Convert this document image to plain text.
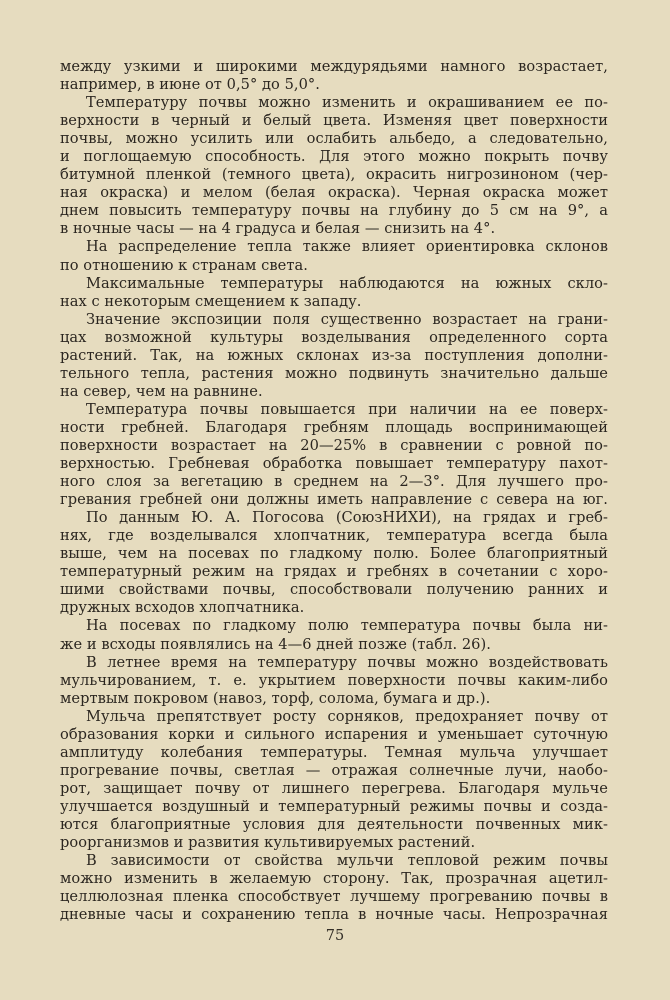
между узкими и широкими междурядьями намного возрастает,
например, в июне от 0,5° до 5,0°.
Температуру почвы можно изменить и окрашиванием ее по-
верхности в черный и белый цвета. Изменяя цвет поверхности
почвы, можно усилить или ослабить альбедо, а следовательно,
и поглощаемую способность. Для этого можно покрыть почву
битумной пленкой (темного цвета), окрасить нигрозиноном (чер-
ная окраска) и мелом (белая окраска). Черная окраска может
днем повысить температуру почвы на глубину до 5 см на 9°, а
в ночные часы — на 4 градуса и белая — снизить на 4°.
На распределение тепла также влияет ориентировка склонов
по отношению к странам света.
Максимальные температуры наблюдаются на южных скло-
нах с некоторым смещением к западу.
Значение экспозиции поля существенно возрастает на грани-
цах возможной культуры возделывания определенного сорта
растений. Так, на южных склонах из-за поступления дополни-
тельного тепла, растения можно подвинуть значительно дальше
на север, чем на равнине.
Температура почвы повышается при наличии на ее поверх-
ности гребней. Благодаря гребням площадь воспринимающей
поверхности возрастает на 20—25% в сравнении с ровной по-
верхностью. Гребневая обработка повышает температуру пахот-
ного слоя за вегетацию в среднем на 2—3°. Для лучшего про-
гревания гребней они должны иметь направление с севера на юг.
По данным Ю. А. Погосова (СоюзНИХИ), на грядах и греб-
нях, где возделывался хлопчатник, температура всегда была
выше, чем на посевах по гладкому полю. Более благоприятный
температурный режим на грядах и гребнях в сочетании с хоро-
шими свойствами почвы, способствовали получению ранних и
дружных всходов хлопчатника.
На посевах по гладкому полю температура почвы была ни-
же и всходы появлялись на 4—6 дней позже (табл. 26).
В летнее время на температуру почвы можно воздействовать
мульчированием, т. е. укрытием поверхности почвы каким-либо
мертвым покровом (навоз, торф, солома, бумага и др.).
Мульча препятствует росту сорняков, предохраняет почву от
образования корки и сильного испарения и уменьшает суточную
амплитуду колебания температуры. Темная мульча улучшает
прогревание почвы, светлая — отражая солнечные лучи, наобо-
рот, защищает почву от лишнего перегрева. Благодаря мульче
улучшается воздушный и температурный режимы почвы и созда-
ются благоприятные условия для деятельности почвенных мик-
роорганизмов и развития культивируемых растений.
В зависимости от свойства мульчи тепловой режим почвы
можно изменить в желаемую сторону. Так, прозрачная ацетил-
целлюлозная пленка способствует лучшему прогреванию почвы в
дневные часы и сохранению тепла в ночные часы. Непрозрачная
75
